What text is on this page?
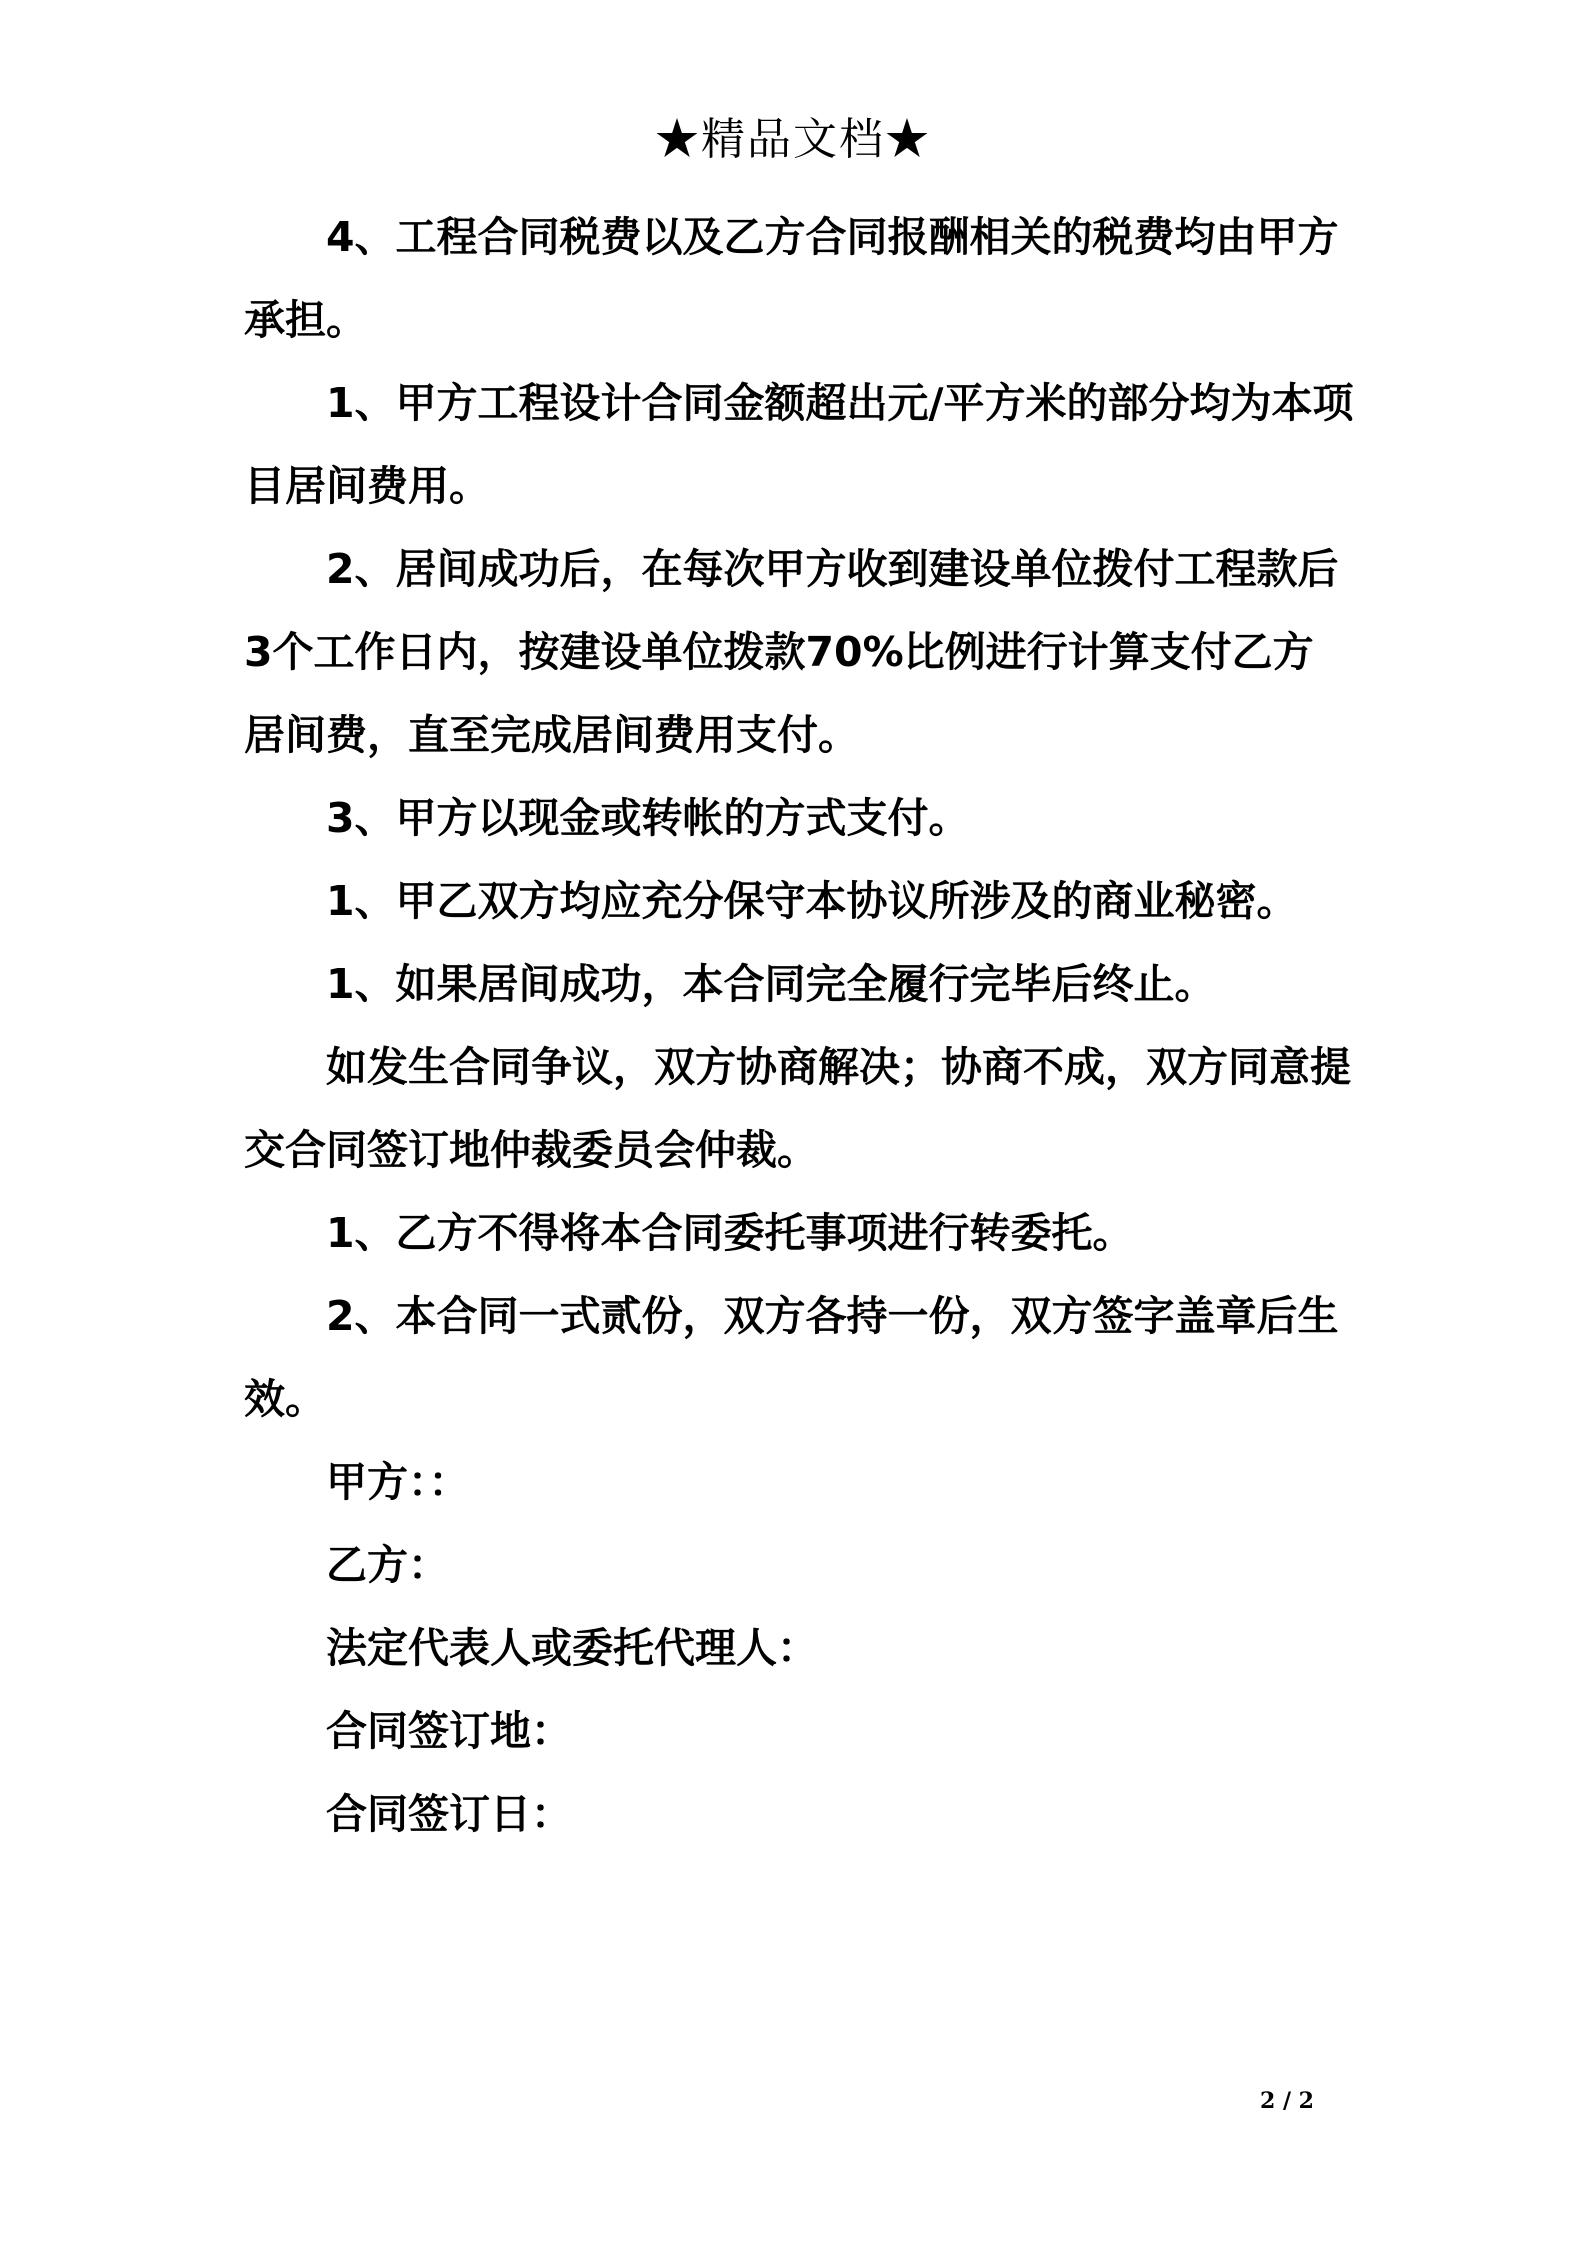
★精品文档★

4、工程合同税费以及乙方合同报酬相关的税费均由甲方承担。

1、甲方工程设计合同金额超出元/平方米的部分均为本项目居间费用。

2、居间成功后，在每次甲方收到建设单位拨付工程款后3个工作日内，按建设单位拨款70%比例进行计算支付乙方居间费，直至完成居间费用支付。

3、甲方以现金或转帐的方式支付。

1、甲乙双方均应充分保守本协议所涉及的商业秘密。

1、如果居间成功，本合同完全履行完毕后终止。

如发生合同争议，双方协商解决；协商不成，双方同意提交合同签订地仲裁委员会仲裁。

1、乙方不得将本合同委托事项进行转委托。

2、本合同一式贰份，双方各持一份，双方签字盖章后生效。

甲方：：

乙方：

法定代表人或委托代理人：

合同签订地：

合同签订日：

2 / 2
